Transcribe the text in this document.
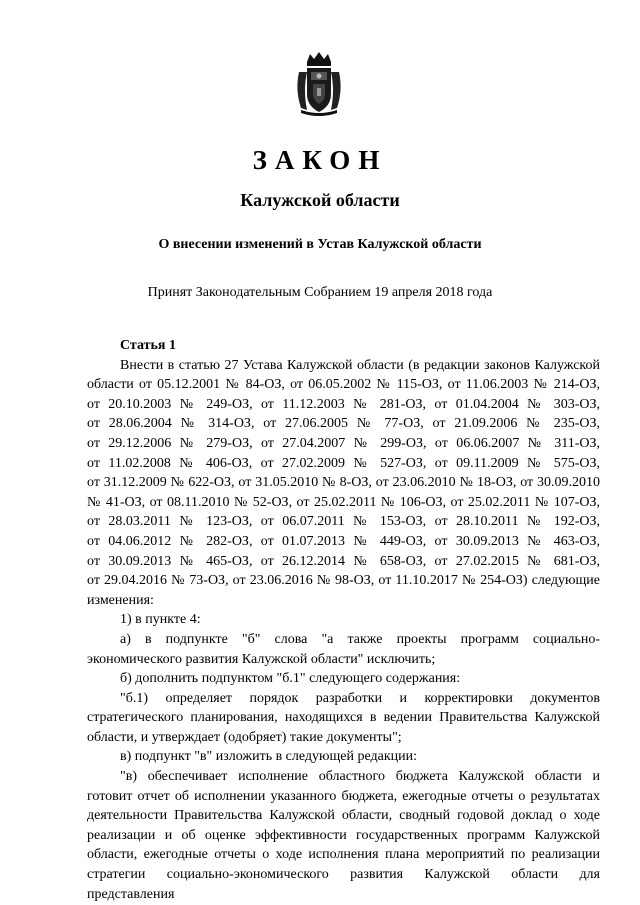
ЗАКОН
Калужской области
О внесении изменений в Устав Калужской области
Принят Законодательным Собранием 19 апреля 2018 года

Статья 1

Внести в статью 27 Устава Калужской области (в редакции законов Калужской

области от 05.12.2001 № 84-ОЗ, от 06.05.2002 № 115-ОЗ, от 11.06.2003 № 214-ОЗ,

от 20.10.2003 № 249-ОЗ, от 11.12.2003 № 281-ОЗ, от 01.04.2004 № 303-ОЗ,

от 28.06.2004 № 314-ОЗ, от 27.06.2005 № 77-ОЗ, от 21.09.2006 № 235-ОЗ,

от 29.12.2006 № 279-ОЗ, от 27.04.2007 № 299-ОЗ, от 06.06.2007 № 311-ОЗ,

от 11.02.2008 № 406-ОЗ, от 27.02.2009 № 527-ОЗ, от 09.11.2009 № 575-ОЗ,

от 31.12.2009 № 622-ОЗ, от 31.05.2010 № 8-ОЗ, от 23.06.2010 № 18-ОЗ, от 30.09.2010

№ 41-ОЗ, от 08.11.2010 № 52-ОЗ, от 25.02.2011 № 106-ОЗ, от 25.02.2011 № 107-ОЗ,

от 28.03.2011 № 123-ОЗ, от 06.07.2011 № 153-ОЗ, от 28.10.2011 № 192-ОЗ,

от 04.06.2012 № 282-ОЗ, от 01.07.2013 № 449-ОЗ, от 30.09.2013 № 463-ОЗ,

от 30.09.2013 № 465-ОЗ, от 26.12.2014 № 658-ОЗ, от 27.02.2015 № 681-ОЗ,

от 29.04.2016 № 73-ОЗ, от 23.06.2016 № 98-ОЗ, от 11.10.2017 № 254-ОЗ) следующие

изменения:

1) в пункте 4:

а) в подпункте "б" слова "а также проекты программ социально-

экономического развития Калужской области" исключить;

б) дополнить подпунктом "б.1" следующего содержания:

"б.1) определяет порядок разработки и корректировки документов

стратегического планирования, находящихся в ведении Правительства Калужской

области, и утверждает (одобряет) такие документы";

в) подпункт "в" изложить в следующей редакции:

"в) обеспечивает исполнение областного бюджета Калужской области и

готовит отчет об исполнении указанного бюджета, ежегодные отчеты о результатах

деятельности Правительства Калужской области, сводный годовой доклад о ходе

реализации и об оценке эффективности государственных программ Калужской

области, ежегодные отчеты о ходе исполнения плана мероприятий по реализации

стратегии социально-экономического развития Калужской области для представления
